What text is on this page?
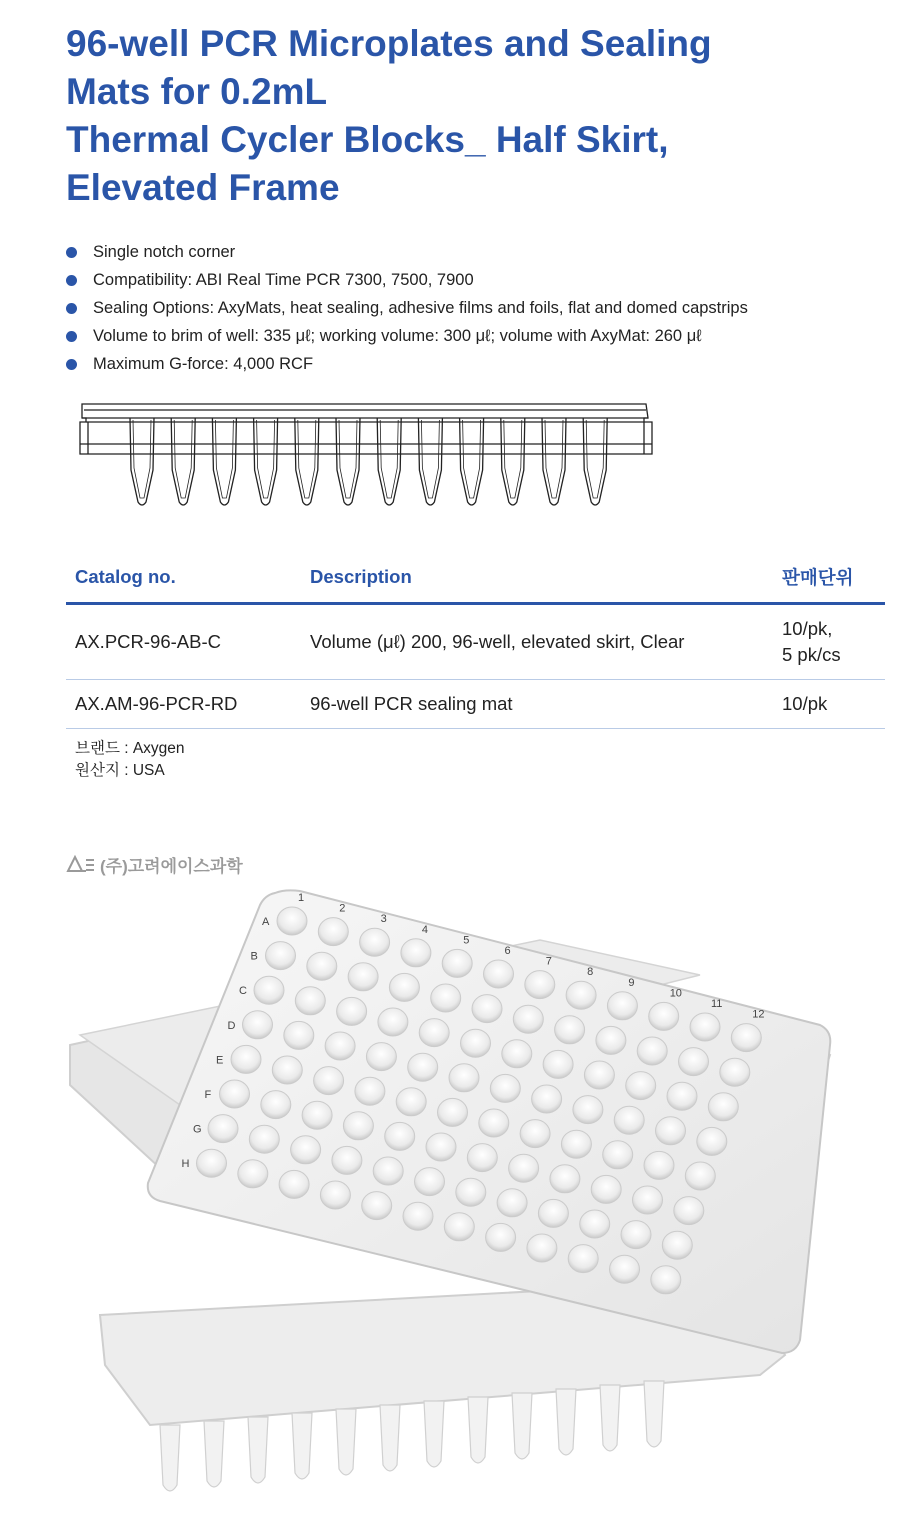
96-well PCR Microplates and Sealing
Mats for 0.2mL
Thermal Cycler Blocks_ Half Skirt,
Elevated Frame
Single notch corner
Compatibility: ABI Real Time PCR 7300, 7500, 7900
Sealing Options: AxyMats, heat sealing, adhesive films and foils, flat and domed capstrips
Volume to brim of well: 335 μℓ; working volume: 300 μℓ; volume with AxyMat: 260 μℓ
Maximum G-force: 4,000 RCF
Catalog no.	Description	판매단위
AX.PCR-96-AB-C	Volume (μℓ) 200, 96-well, elevated skirt, Clear	10/pk,
5 pk/cs

AX.AM-96-PCR-RD	96-well PCR sealing mat	10/pk
브랜드 : Axygen
원산지 : USA
(주)고려에이스과학
1
2
3
4
5
6
7
8
9
10
11
12
A
B
C
D
E
F
G
H
